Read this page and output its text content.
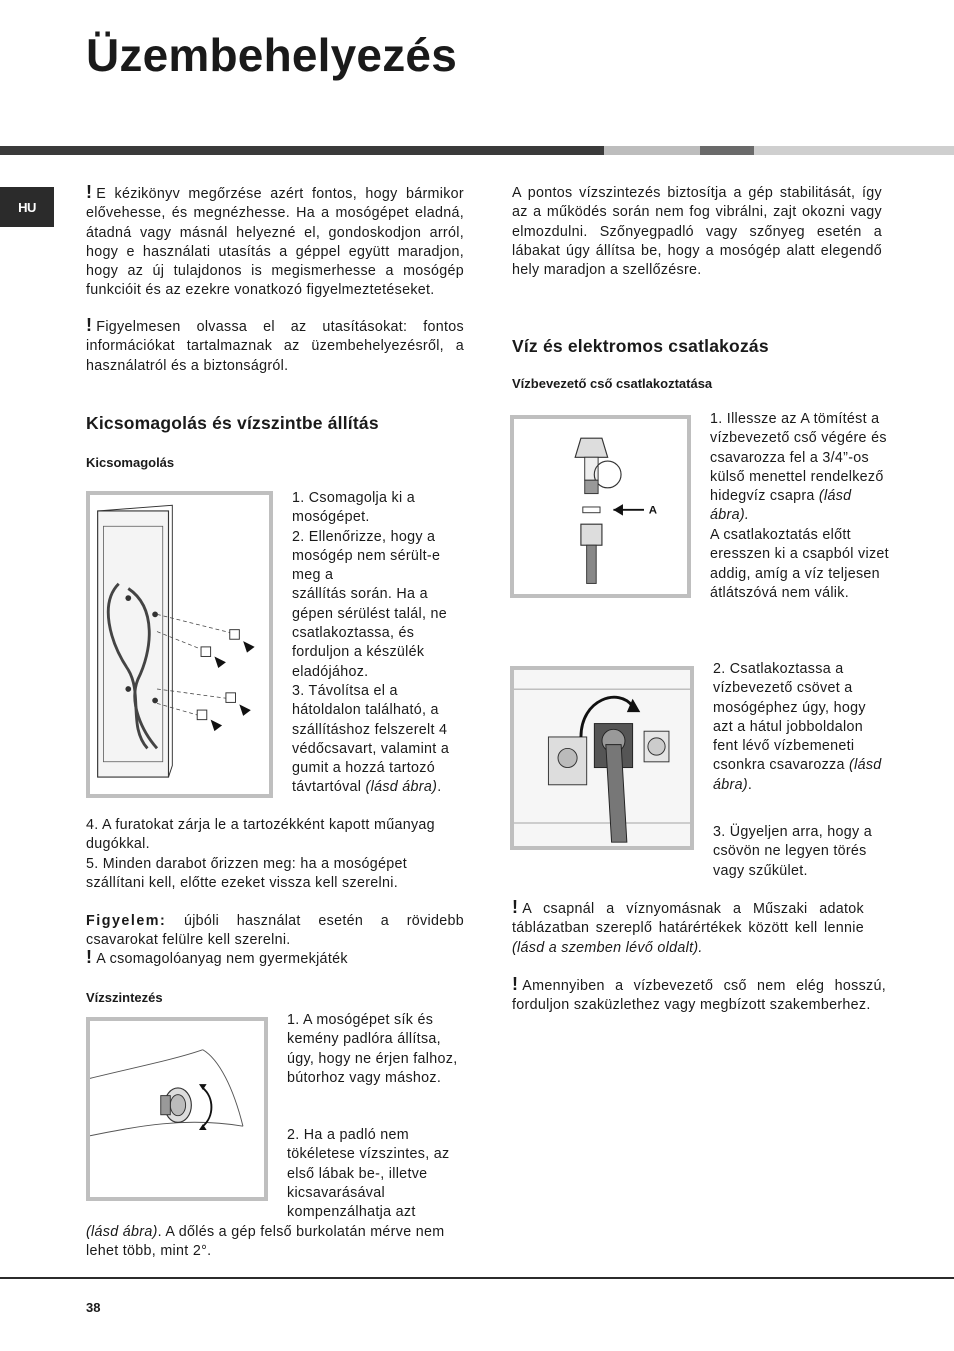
Üzembehelyezés
HU

! E kézikönyv megőrzése azért fontos, hogy bármikor elővehesse, és megnézhesse. Ha a mosógépet eladná, átadná vagy másnál helyezné el, gondoskodjon arról, hogy e használati utasítás a géppel együtt maradjon, hogy az új tulajdonos is megismerhesse a mosógép funkcióit és az ezekre vonatkozó figyelmeztetéseket.

! Figyelmesen olvassa el az utasításokat: fontos információkat tartalmaznak az üzembehelyezésről, a használatról és a biztonságról.

Kicsomagolás és vízszintbe állítás
Kicsomagolás

1. Csomagolja ki a mosógépet.
2. Ellenőrizze, hogy a mosógép nem sérült-e meg a
szállítás során. Ha a gépen sérülést talál, ne csatlakoztassa, és forduljon a készülék eladójához.
3. Távolítsa el a hátoldalon található, a szállításhoz felszerelt 4 védőcsavart, valamint a gumit a hozzá tartozó távtartóval (lásd ábra).

4. A furatokat zárja le a tartozékként kapott műanyag dugókkal.
5. Minden darabot őrizzen meg: ha a mosógépet szállítani kell, előtte ezeket vissza kell szerelni.

Figyelem: újbóli használat esetén a rövidebb csavarokat felülre kell szerelni.

! A csomagolóanyag nem gyermekjáték

Vízszintezés

1. A mosógépet sík és kemény padlóra állítsa, úgy, hogy ne érjen falhoz, bútorhoz vagy máshoz.

2. Ha a padló nem tökéletese vízszintes, az első lábak be-, illetve kicsavarásával kompenzálhatja azt

(lásd ábra). A dőlés a gép felső burkolatán mérve nem lehet több, mint 2°.

A pontos vízszintezés biztosítja a gép stabilitását, így az a működés során nem fog vibrálni, zajt okozni vagy elmozdulni. Szőnyegpadló vagy szőnyeg esetén a lábakat úgy állítsa be, hogy a mosógép alatt elegendő hely maradjon a szellőzésre.

Víz és elektromos csatlakozás
Vízbevezető cső csatlakoztatása
A

1. Illessze az A tömítést a vízbevezető cső végére és csavarozza fel a 3/4”-os külső menettel rendelkező hidegvíz csapra (lásd ábra).

A csatlakoztatás előtt eresszen ki a csapból vizet addig, amíg a víz teljesen átlátszóvá nem válik.

2. Csatlakoztassa a vízbevezető csövet a mosógéphez úgy, hogy azt a hátul jobboldalon fent lévő vízbemeneti csonkra csavarozza (lásd ábra).

3. Ügyeljen arra, hogy a csövön ne legyen törés vagy szűkület.

! A csapnál a víznyomásnak a Műszaki adatok táblázatban szereplő határértékek között kell lennie (lásd a szemben lévő oldalt).

! Amennyiben a vízbevezető cső nem elég hosszú, forduljon szaküzlethez vagy megbízott szakemberhez.

38
